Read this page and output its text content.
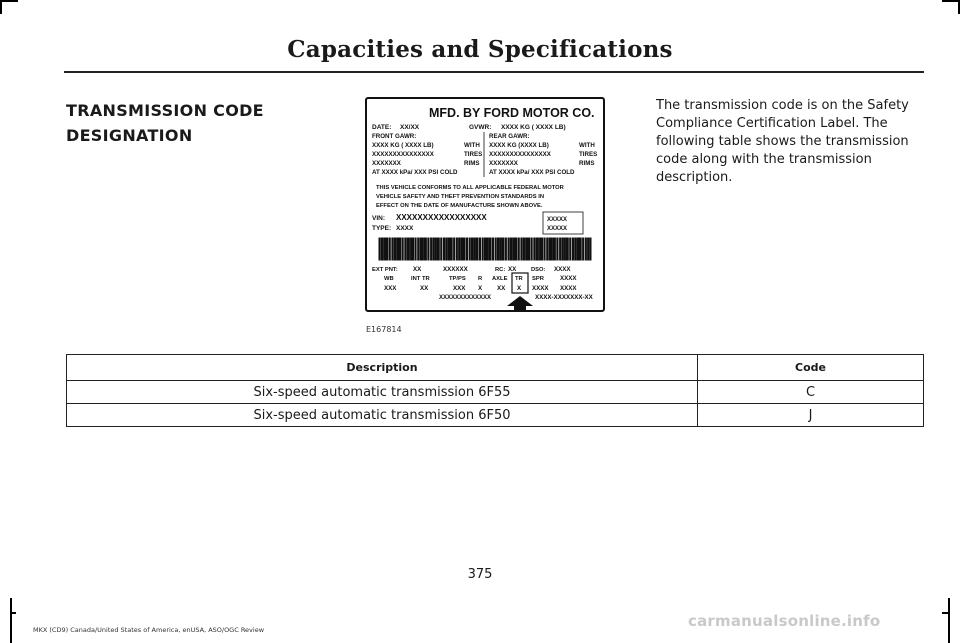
Capacities and Specifications
TRANSMISSION CODE
DESIGNATION
MFD. BY FORD MOTOR CO.
DATE: XX/XX	GVWR: XXXX KG ( XXXX LB)
FRONT GAWR:	REAR GAWR:
XXXX KG ( XXXX LB)	WITH XXXX KG (XXXX LB)	WITH
XXXXXXXXXXXXXXX	TIRES XXXXXXXXXXXXXXX	TIRES
XXXXXXX	RIMS XXXXXXX	RIMS
AT XXXX kPa/ XXX PSI COLD	AT XXXX kPa/ XXX PSI COLD
THIS VEHICLE CONFORMS TO ALL APPLICABLE FEDERAL MOTOR
VEHICLE SAFETY AND THEFT PREVENTION STANDARDS IN
EFFECT ON THE DATE OF MANUFACTURE SHOWN ABOVE.
VIN: XXXXXXXXXXXXXXXXX
TYPE: XXXX
XXXXX
XXXXX
EXT PNT: XX	XXXXXX	RC: XX	DSO: XXXX
WB	INT TR	TP/PS R AXLE TR SPR	XXXX
XXX	XX	XXX X XX X XXXX XXXX
XXXXXXXXXXXXX	XXXX-XXXXXXX-XX
E167814
The transmission code is on the Safety Compliance Certification Label. The following table shows the transmission code along with the transmission description.
Description	Code
Six-speed automatic transmission 6F55	C
Six-speed automatic transmission 6F50	J
375
MKX (CD9) Canada/United States of America, enUSA, ASO/OGC Review	carmanualsonline.info
